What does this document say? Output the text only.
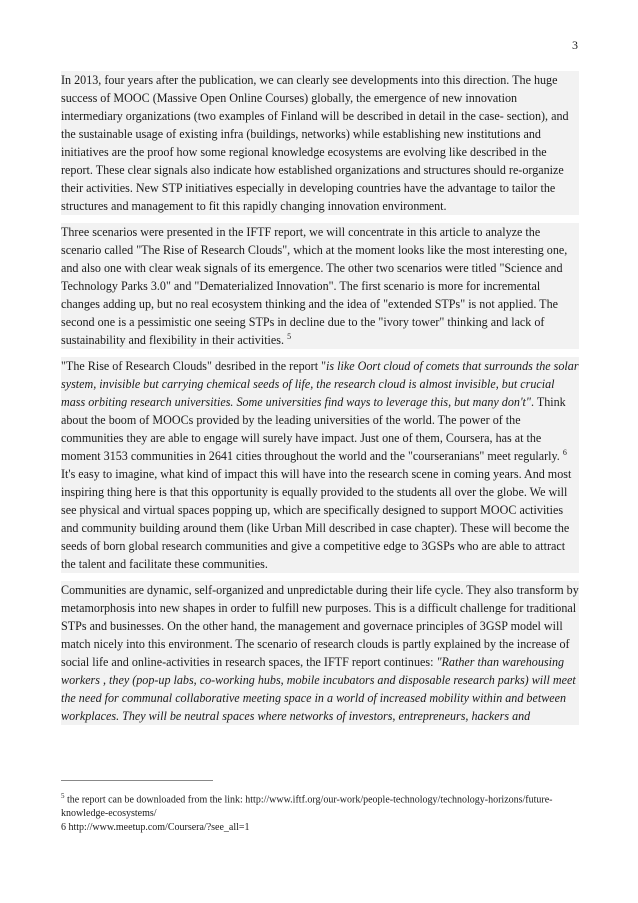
3

In 2013, four years after the publication, we can clearly see developments into this direction. The huge success of MOOC (Massive Open Online Courses) globally, the emergence of new innovation intermediary organizations (two examples of Finland will be described in detail in the case- section), and the sustainable usage of existing infra (buildings, networks) while establishing new institutions and initiatives are the proof how some regional knowledge ecosystems are evolving like described in the report. These clear signals also indicate how established organizations and structures should re-organize their activities. New STP initiatives especially in developing countries have the advantage to tailor the structures and management to fit this rapidly changing innovation environment.

Three scenarios were presented in the IFTF report, we will concentrate in this article to analyze the scenario called "The Rise of Research Clouds", which at the moment looks like the most interesting one, and also one with clear weak signals of its emergence. The other two scenarios were titled "Science and Technology Parks 3.0" and "Dematerialized Innovation". The first scenario is more for incremental changes adding up, but no real ecosystem thinking and the idea of "extended STPs" is not applied. The second one is a pessimistic one seeing STPs in decline due to the "ivory tower" thinking and lack of sustainability and flexibility in their activities. $^5$

"The Rise of Research Clouds" desribed in the report "is like Oort cloud of comets that surrounds the solar system, invisible but carrying chemical seeds of life, the research cloud is almost invisible, but crucial mass orbiting research universities. Some universities find ways to leverage this, but many don't". Think about the boom of MOOCs provided by the leading universities of the world. The power of the communities they are able to engage will surely have impact. Just one of them, Coursera, has at the moment 3153 communities in 2641 cities throughout the world and the "courseranians" meet regularly. $^6$ It's easy to imagine, what kind of impact this will have into the research scene in coming years. And most inspiring thing here is that this opportunity is equally provided to the students all over the globe. We will see physical and virtual spaces popping up, which are specifically designed to support MOOC activities and community building around them (like Urban Mill described in case chapter). These will become the seeds of born global research communities and give a competitive edge to 3GSPs who are able to attract the talent and facilitate these communities.

Communities are dynamic, self-organized and unpredictable during their life cycle. They also transform by metamorphosis into new shapes in order to fulfill new purposes. This is a difficult challenge for traditional STPs and businesses. On the other hand, the management and governace principles of 3GSP model will match nicely into this environment. The scenario of research clouds is partly explained by the increase of social life and online-activities in research spaces, the IFTF report continues: "Rather than warehousing workers , they (pop-up labs, co-working hubs, mobile incubators and disposable research parks) will meet the need for communal collaborative meeting space in a world of increased mobility within and between workplaces. They will be neutral spaces where networks of investors, entrepreneurs, hackers and

$^5$ the report can be downloaded from the link: http://www.iftf.org/our-work/people-technology/technology-horizons/future-knowledge-ecosystems/

6 http://www.meetup.com/Coursera/?see_all=1
